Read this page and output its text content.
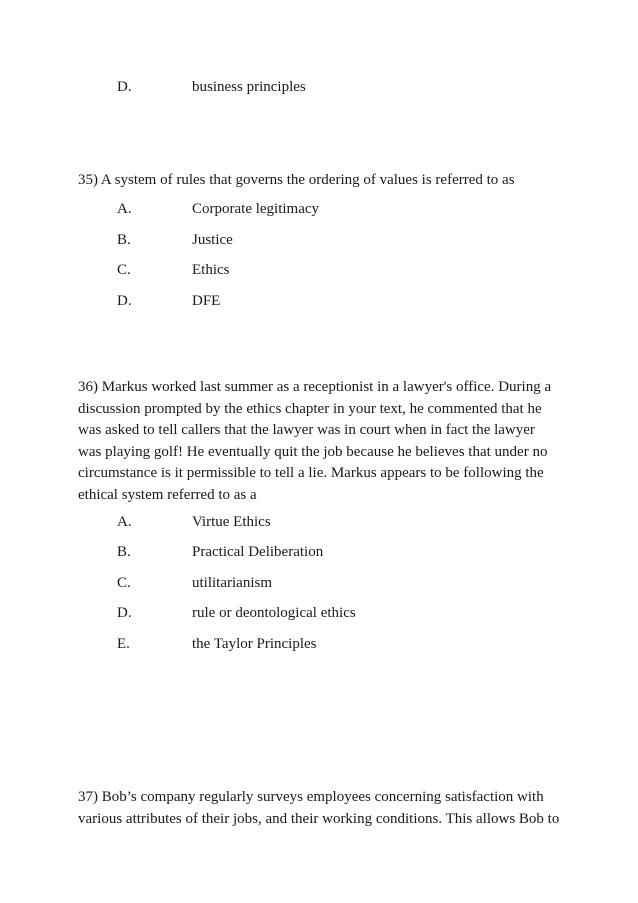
D.	business principles
35) A system of rules that governs the ordering of values is referred to as
A.	Corporate legitimacy
B.	Justice
C.	Ethics
D.	DFE
36) Markus worked last summer as a receptionist in a lawyer's office. During a
discussion prompted by the ethics chapter in your text, he commented that he
was asked to tell callers that the lawyer was in court when in fact the lawyer
was playing golf! He eventually quit the job because he believes that under no
circumstance is it permissible to tell a lie. Markus appears to be following the
ethical system referred to as a
A.	Virtue Ethics
B.	Practical Deliberation
C.	utilitarianism
D.	rule or deontological ethics
E.	the Taylor Principles
37) Bob’s company regularly surveys employees concerning satisfaction with
various attributes of their jobs, and their working conditions. This allows Bob to
